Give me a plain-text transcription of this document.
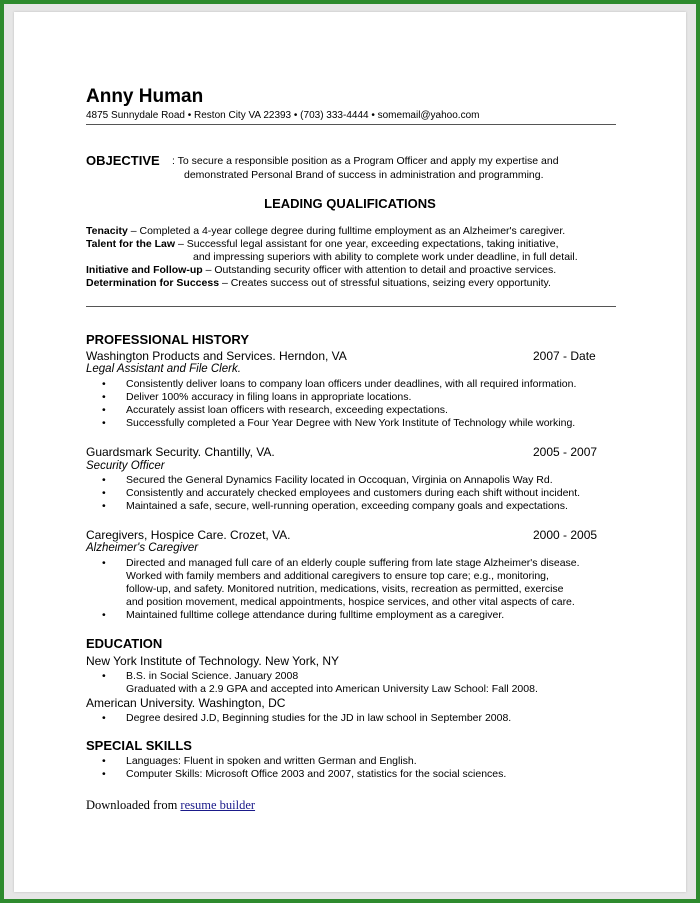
Anny Human
4875 Sunnydale Road • Reston City VA 22393 • (703) 333-4444 • somemail@yahoo.com
OBJECTIVE : To secure a responsible position as a Program Officer and apply my expertise and
demonstrated Personal Brand of success in administration and programming.
LEADING QUALIFICATIONS
Tenacity – Completed a 4-year college degree during fulltime employment as an Alzheimer's caregiver.
Talent for the Law – Successful legal assistant for one year, exceeding expectations, taking initiative,
and impressing superiors with ability to complete work under deadline, in full detail.
Initiative and Follow-up – Outstanding security officer with attention to detail and proactive services.
Determination for Success – Creates success out of stressful situations, seizing every opportunity.
PROFESSIONAL HISTORY
Washington Products and Services. Herndon, VA	2007 - Date
Legal Assistant and File Clerk.
• Consistently deliver loans to company loan officers under deadlines, with all required information.
• Deliver 100% accuracy in filing loans in appropriate locations.
• Accurately assist loan officers with research, exceeding expectations.
• Successfully completed a Four Year Degree with New York Institute of Technology while working.
Guardsmark Security. Chantilly, VA.	2005 - 2007
Security Officer
• Secured the General Dynamics Facility located in Occoquan, Virginia on Annapolis Way Rd.
• Consistently and accurately checked employees and customers during each shift without incident.
• Maintained a safe, secure, well-running operation, exceeding company goals and expectations.
Caregivers, Hospice Care. Crozet, VA.	2000 - 2005
Alzheimer's Caregiver
• Directed and managed full care of an elderly couple suffering from late stage Alzheimer's disease.
Worked with family members and additional caregivers to ensure top care; e.g., monitoring,
follow-up, and safety. Monitored nutrition, medications, visits, recreation as permitted, exercise
and position movement, medical appointments, hospice services, and other vital aspects of care.
• Maintained fulltime college attendance during fulltime employment as a caregiver.
EDUCATION
New York Institute of Technology. New York, NY
• B.S. in Social Science. January 2008
Graduated with a 2.9 GPA and accepted into American University Law School: Fall 2008.
American University. Washington, DC
• Degree desired J.D, Beginning studies for the JD in law school in September 2008.
SPECIAL SKILLS
• Languages: Fluent in spoken and written German and English.
• Computer Skills: Microsoft Office 2003 and 2007, statistics for the social sciences.
Downloaded from resume builder
